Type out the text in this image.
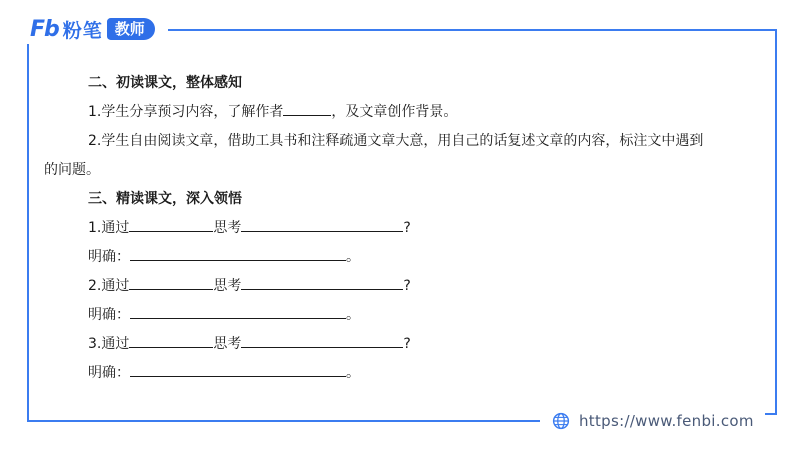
Fb 粉笔 教师
二、初读课文，整体感知
1.学生分享预习内容，了解作者	，及文章创作背景。
2.学生自由阅读文章，借助工具书和注释疏通文章大意，用自己的话复述文章的内容，标注文中遇到
的问题。
三、精读课文，深入领悟
1.通过	思考	?
明确：	。
2.通过	思考	?
明确：	。
3.通过	思考	?
明确：	。
https://www.fenbi.com
